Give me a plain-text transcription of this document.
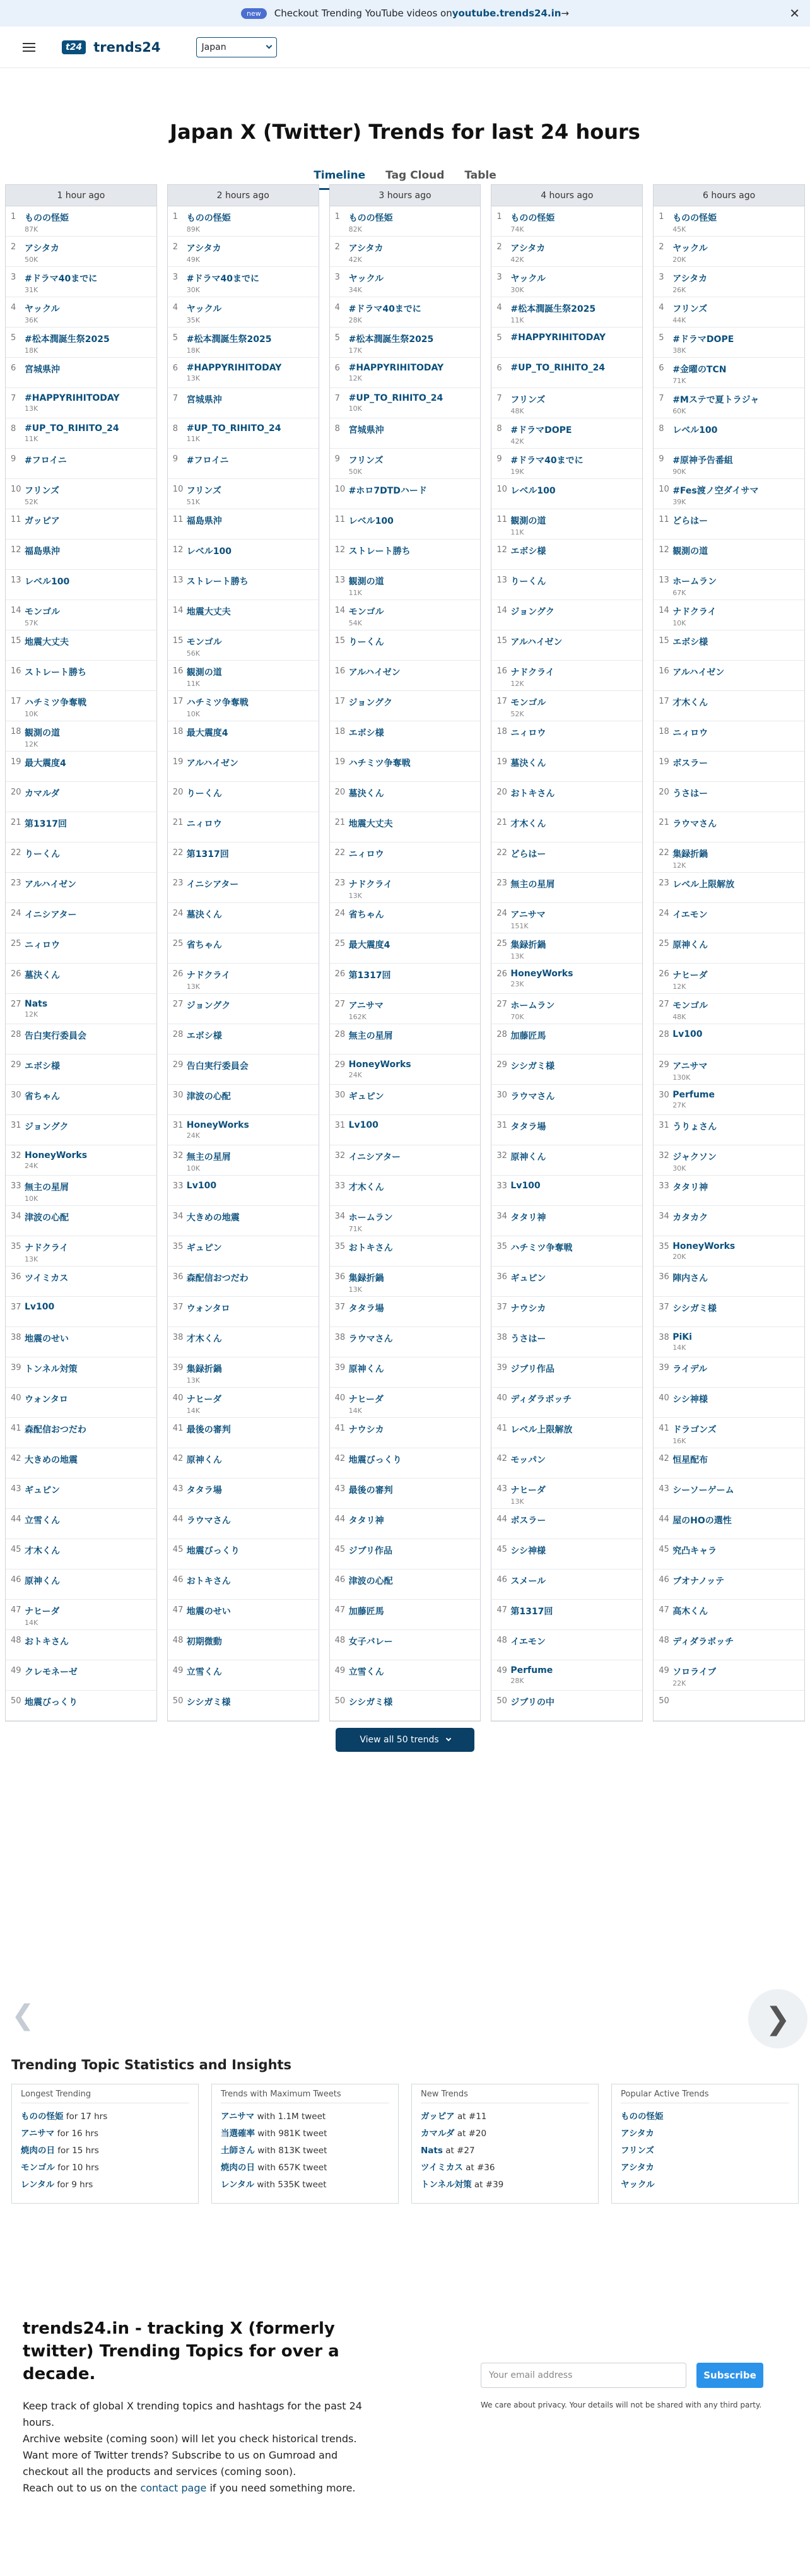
new	Checkout Trending YouTube videos on youtube.trends24.in →	✕
t24 trends24	Japan
Japan X (Twitter) Trends for last 24 hours
Timeline	Tag Cloud	Table
1 hour ago
1 ものの怪姫
87K
2 アシタカ
50K
3 #ドラマ40までに
31K
4 ヤックル
36K
5 #松本潤誕生祭2025
18K
6 宮城県沖
7 #HAPPYRIHITODAY
13K
8 #UP_TO_RIHITO_24
11K
9 #フロイニ
10 フリンズ
52K
11 ガッピア
12 福島県沖
13 レベル100
14 モンゴル
57K
15 地震大丈夫
16 ストレート勝ち
17 ハチミツ争奪戦
10K
18 観測の道
12K
19 最大震度4
20 カマルダ
21 第1317回
22 りーくん
23 アルハイゼン
24 イニシアター
25 ニィロウ
26 墓決くん
27 Nats
12K
28 告白実行委員会
29 エボシ様
30 省ちゃん
31 ジョングク
32 HoneyWorks
24K
33 無主の星屑
10K
34 津波の心配
35 ナドクライ
13K
36 ツイミカス
37 Lv100
38 地震のせい
39 トンネル対策
40 ウォンタロ
41 森配信おつだわ
42 大きめの地震
43 ギュピン
44 立雪くん
45 才木くん
46 原神くん
47 ナヒーダ
14K
48 おトキさん
49 クレモネーゼ
50 地震びっくり
2 hours ago
1 ものの怪姫
89K
2 アシタカ
49K
3 #ドラマ40までに
30K
4 ヤックル
35K
5 #松本潤誕生祭2025
18K
6 #HAPPYRIHITODAY
13K
7 宮城県沖
8 #UP_TO_RIHITO_24
11K
9 #フロイニ
10 フリンズ
51K
11 福島県沖
12 レベル100
13 ストレート勝ち
14 地震大丈夫
15 モンゴル
56K
16 観測の道
11K
17 ハチミツ争奪戦
10K
18 最大震度4
19 アルハイゼン
20 りーくん
21 ニィロウ
22 第1317回
23 イニシアター
24 墓決くん
25 省ちゃん
26 ナドクライ
13K
27 ジョングク
28 エボシ様
29 告白実行委員会
30 津波の心配
31 HoneyWorks
24K
32 無主の星屑
10K
33 Lv100
34 大きめの地震
35 ギュピン
36 森配信おつだわ
37 ウォンタロ
38 才木くん
39 集録折鍋
13K
40 ナヒーダ
14K
41 最後の審判
42 原神くん
43 タタラ場
44 ラウマさん
45 地震びっくり
46 おトキさん
47 地震のせい
48 初期微動
49 立雪くん
50 シシガミ様
3 hours ago
1 ものの怪姫
82K
2 アシタカ
42K
3 ヤックル
34K
4 #ドラマ40までに
28K
5 #松本潤誕生祭2025
17K
6 #HAPPYRIHITODAY
12K
7 #UP_TO_RIHITO_24
10K
8 宮城県沖
9 フリンズ
50K
10 #ホロ7DTDハード
11 レベル100
12 ストレート勝ち
13 観測の道
11K
14 モンゴル
54K
15 りーくん
16 アルハイゼン
17 ジョングク
18 エボシ様
19 ハチミツ争奪戦
20 墓決くん
21 地震大丈夫
22 ニィロウ
23 ナドクライ
13K
24 省ちゃん
25 最大震度4
26 第1317回
27 アニサマ
162K
28 無主の星屑
29 HoneyWorks
24K
30 ギュピン
31 Lv100
32 イニシアター
33 才木くん
34 ホームラン
71K
35 おトキさん
36 集録折鍋
13K
37 タタラ場
38 ラウマさん
39 原神くん
40 ナヒーダ
14K
41 ナウシカ
42 地震びっくり
43 最後の審判
44 タタリ神
45 ジブリ作品
46 津波の心配
47 加藤匠馬
48 女子バレー
49 立雪くん
50 シシガミ様
4 hours ago
1 ものの怪姫
74K
2 アシタカ
42K
3 ヤックル
30K
4 #松本潤誕生祭2025
11K
5 #HAPPYRIHITODAY
6 #UP_TO_RIHITO_24
7 フリンズ
48K
8 #ドラマDOPE
42K
9 #ドラマ40までに
19K
10 レベル100
11 観測の道
11K
12 エボシ様
13 りーくん
14 ジョングク
15 アルハイゼン
16 ナドクライ
12K
17 モンゴル
52K
18 ニィロウ
19 墓決くん
20 おトキさん
21 才木くん
22 どらはー
23 無主の星屑
24 アニサマ
151K
25 集録折鍋
13K
26 HoneyWorks
23K
27 ホームラン
70K
28 加藤匠馬
29 シシガミ様
30 ラウマさん
31 タタラ場
32 原神くん
33 Lv100
34 タタリ神
35 ハチミツ争奪戦
36 ギュピン
37 ナウシカ
38 うさはー
39 ジブリ作品
40 ディダラボッチ
41 レベル上限解放
42 モッパン
43 ナヒーダ
13K
44 ボスラー
45 シシ神様
46 スメール
47 第1317回
48 イエモン
49 Perfume
28K
50 ジブリの中
6 hours ago
1 ものの怪姫
45K
2 ヤックル
20K
3 アシタカ
26K
4 フリンズ
44K
5 #ドラマDOPE
38K
6 #金曜のTCN
71K
7 #Mステで夏トラジャ
60K
8 レベル100
9 #原神予告番組
90K
10 #Fes渡ノ空ダイサマ
39K
11 どらはー
12 観測の道
13 ホームラン
67K
14 ナドクライ
10K
15 エボシ様
16 アルハイゼン
17 才木くん
18 ニィロウ
19 ボスラー
20 うさはー
21 ラウマさん
22 集録折鍋
12K
23 レベル上限解放
24 イエモン
25 原神くん
26 ナヒーダ
12K
27 モンゴル
48K
28 Lv100
29 アニサマ
130K
30 Perfume
27K
31 うりょさん
32 ジャクソン
30K
33 タタリ神
34 カタカク
35 HoneyWorks
20K
36 陣内さん
37 シシガミ様
38 PiKi
14K
39 ライデル
40 シシ神様
41 ドラゴンズ
16K
42 恒星配布
43 シーソーゲーム
44 屋のHOの選性
45 究凸キャラ
46 ブオナノッテ
47 高木くん
48 ディダラボッチ
49 ソロライブ
22K
50
View all 50 trends
❮	❯
Trending Topic Statistics and Insights
Longest Trending
ものの怪姫 for 17 hrs
アニサマ for 16 hrs
焼肉の日 for 15 hrs
モンゴル for 10 hrs
レンタル for 9 hrs
Trends with Maximum Tweets
アニサマ with 1.1M tweet
当選確率 with 981K tweet
土師さん with 813K tweet
焼肉の日 with 657K tweet
レンタル with 535K tweet
New Trends
ガッピア at #11
カマルダ at #20
Nats at #27
ツイミカス at #36
トンネル対策 at #39
Popular Active Trends
ものの怪姫
アシタカ
フリンズ
アシタカ
ヤックル
trends24.in - tracking X (formerly twitter) Trending Topics for over a decade.

Keep track of global X trending topics and hashtags for the past 24 hours.

Archive website (coming soon) will let you check historical trends.

Want more of Twitter trends? Subscribe to us on Gumroad and checkout all the products and services (coming soon).

Reach out to us on the contact page if you need something more.

Your email address	Subscribe

We care about privacy. Your details will not be shared with any third party.
